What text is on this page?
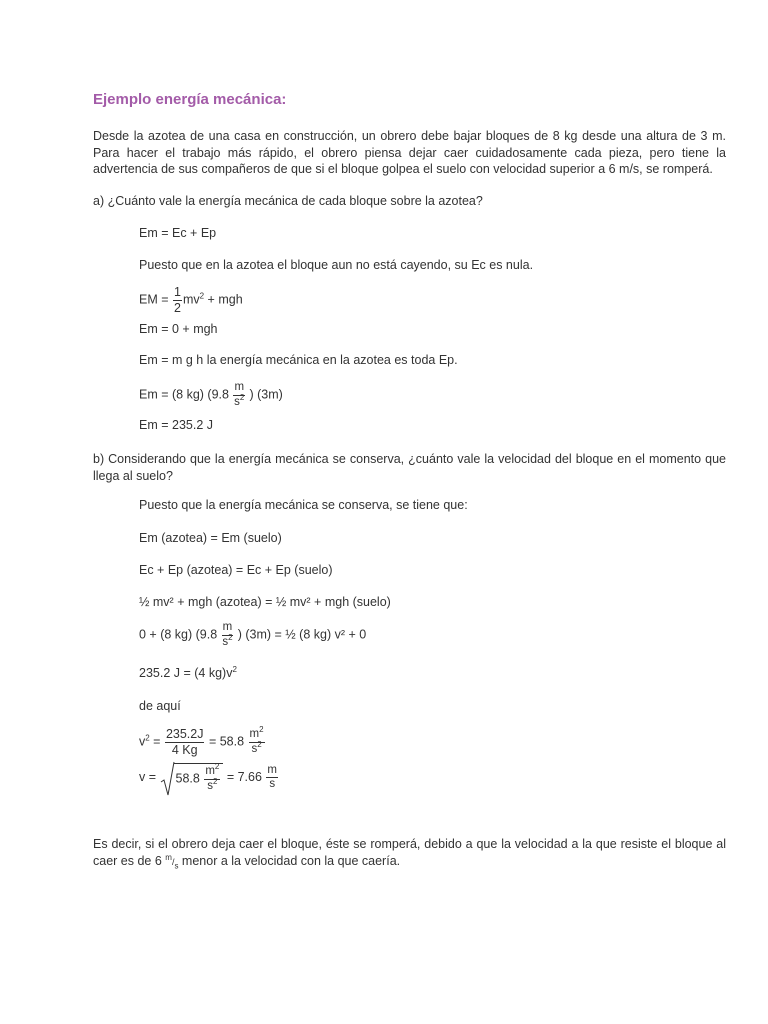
Ejemplo energía mecánica:
Desde la azotea de una casa en construcción, un obrero debe bajar bloques de 8 kg desde una altura de 3 m. Para hacer el trabajo más rápido, el obrero piensa dejar caer cuidadosamente cada pieza, pero tiene la advertencia de sus compañeros de que si el bloque golpea el suelo con velocidad superior a 6 m/s, se romperá.
a) ¿Cuánto vale la energía mecánica de cada bloque sobre la azotea?
Em = Ec + Ep
Puesto que en la azotea el bloque aun no está cayendo, su Ec es nula.
EM = $\frac{1}{2} mv^2$ + mgh
Em = 0 + mgh
Em = m g h la energía mecánica en la azotea es toda Ep.
Em = (8 kg) ($9.8 \frac{m}{s^2}$ ) (3m)
Em = 235.2 J
b) Considerando que la energía mecánica se conserva, ¿cuánto vale la velocidad del bloque en el momento que llega al suelo?
Puesto que la energía mecánica se conserva, se tiene que:
Em (azotea) = Em (suelo)
Ec + Ep (azotea) = Ec + Ep (suelo)
½ mv² + mgh (azotea) = ½ mv² + mgh (suelo)
0 + (8 kg) ($9.8 \frac{m}{s^2}$ ) (3m) = ½ (8 kg) v² + 0
235.2 J = (4 $kg)v^2$
de aquí
$v^2 = \frac{235.2J}{4 Kg} = 58.8 \frac{m^2}{s^2}$
v =
$58.8 \frac{m^2}{s^2} = 7.66 \frac{m}{s}$
Es decir, si el obrero deja caer el bloque, éste se romperá, debido a que la velocidad a la que resiste el bloque al caer es de 6 $^m/_s$ menor a la velocidad con la que caería.
